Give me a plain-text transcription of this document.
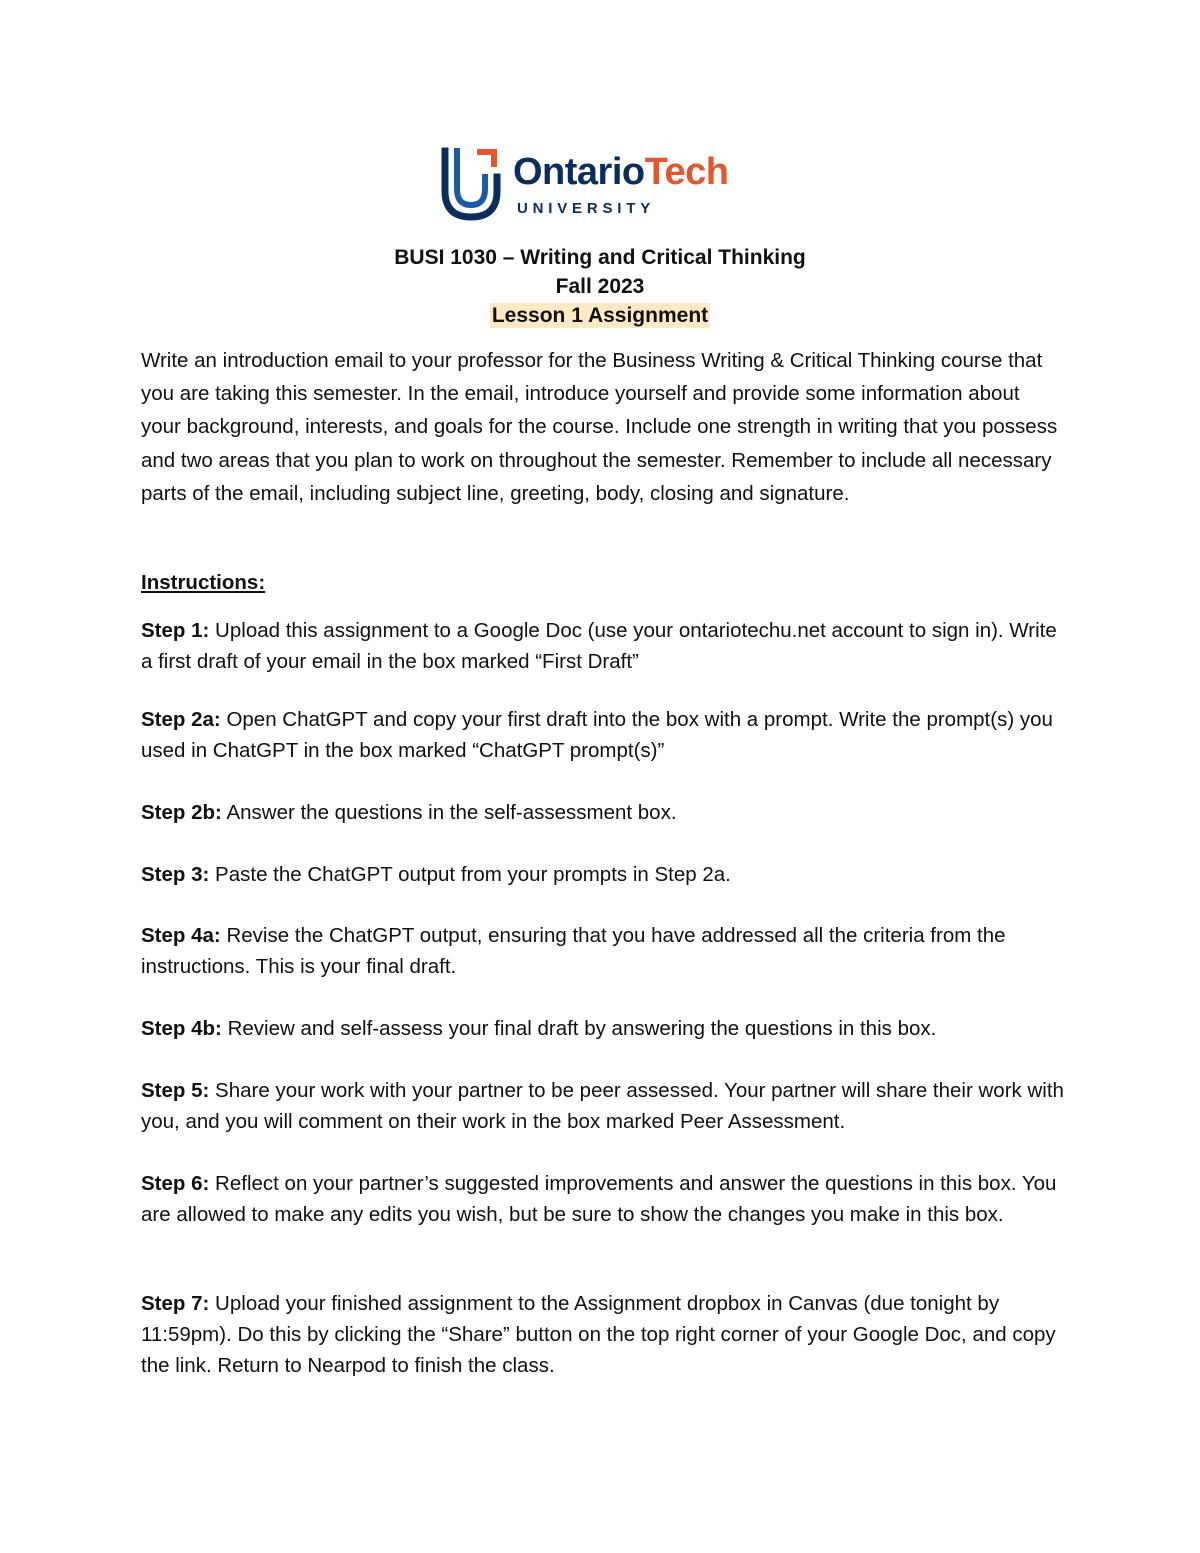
OntarioTech
UNIVERSITY
BUSI 1030 – Writing and Critical Thinking
Fall 2023
Lesson 1 Assignment
Write an introduction email to your professor for the Business Writing & Critical Thinking course that you are taking this semester. In the email, introduce yourself and provide some information about your background, interests, and goals for the course. Include one strength in writing that you possess and two areas that you plan to work on throughout the semester. Remember to include all necessary parts of the email, including subject line, greeting, body, closing and signature.
Instructions:
Step 1: Upload this assignment to a Google Doc (use your ontariotechu.net account to sign in). Write a first draft of your email in the box marked “First Draft”
Step 2a: Open ChatGPT and copy your first draft into the box with a prompt. Write the prompt(s) you used in ChatGPT in the box marked “ChatGPT prompt(s)”
Step 2b: Answer the questions in the self-assessment box.
Step 3: Paste the ChatGPT output from your prompts in Step 2a.
Step 4a: Revise the ChatGPT output, ensuring that you have addressed all the criteria from the instructions. This is your final draft.
Step 4b: Review and self-assess your final draft by answering the questions in this box.
Step 5: Share your work with your partner to be peer assessed. Your partner will share their work with you, and you will comment on their work in the box marked Peer Assessment.
Step 6: Reflect on your partner’s suggested improvements and answer the questions in this box. You are allowed to make any edits you wish, but be sure to show the changes you make in this box.
Step 7: Upload your finished assignment to the Assignment dropbox in Canvas (due tonight by 11:59pm). Do this by clicking the “Share” button on the top right corner of your Google Doc, and copy the link. Return to Nearpod to finish the class.
